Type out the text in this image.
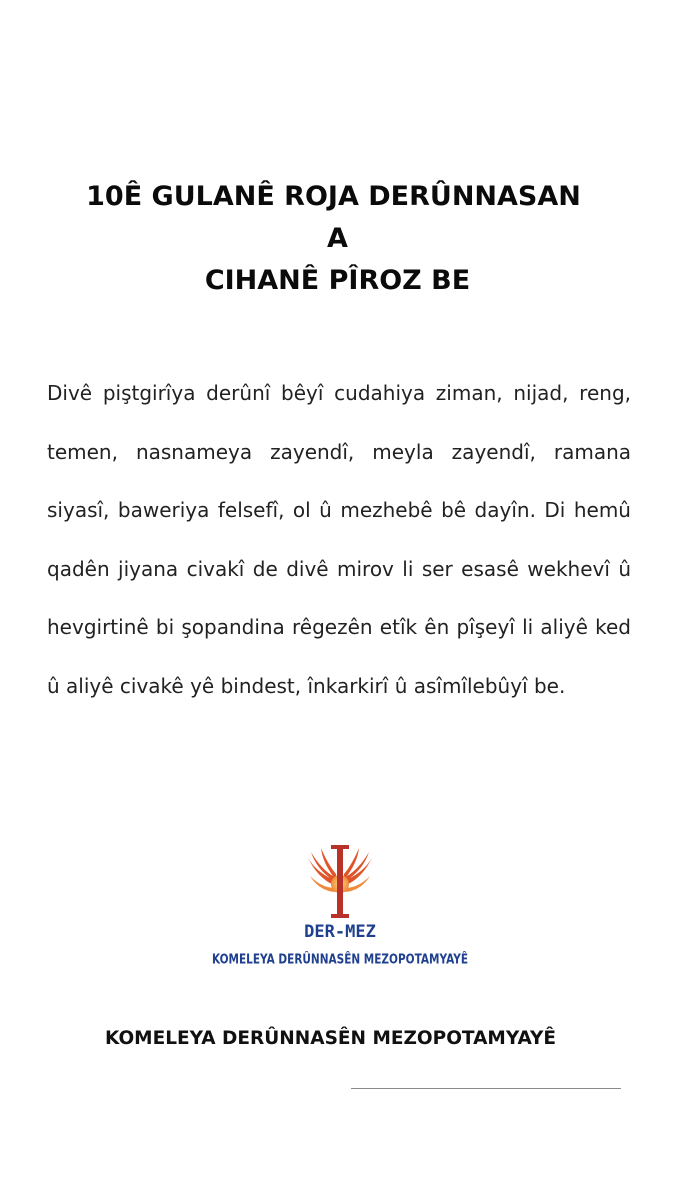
10Ê GULANÊ ROJA DERÛNNASAN
A
CIHANÊ PÎROZ BE
Divê piştgirîya derûnî bêyî cudahiya ziman, nijad, reng, temen, nasnameya zayendî, meyla zayendî, ramana siyasî, baweriya felsefî, ol û mezhebê bê dayîn. Di hemû qadên jiyana civakî de divê mirov li ser esasê wekhevî û hevgirtinê bi şopandina rêgezên etîk ên pîşeyî li aliyê ked û aliyê civakê yê bindest, înkarkirî û asîmîlebûyî be.
DER-MEZ
KOMELEYA DERÛNNASÊN MEZOPOTAMYAYÊ
KOMELEYA DERÛNNASÊN MEZOPOTAMYAYÊ
